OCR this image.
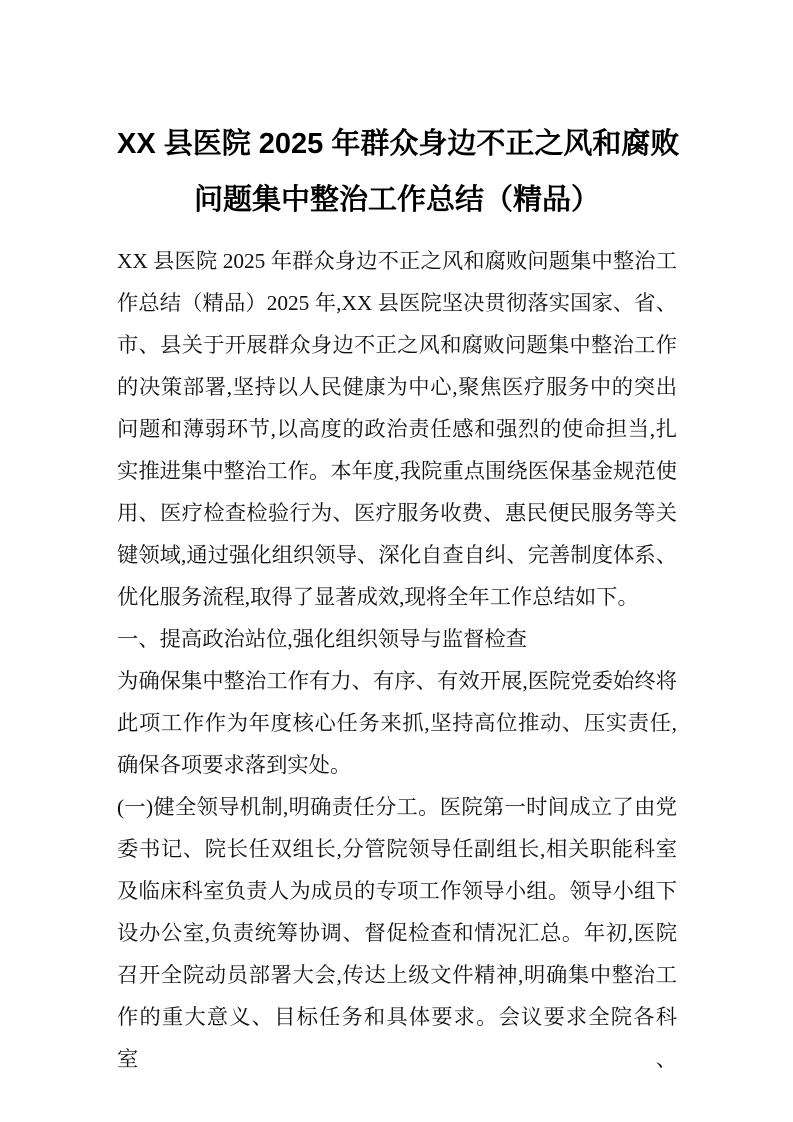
XX 县医院 2025 年群众身边不正之风和腐败
问题集中整治工作总结（精品）
XX 县医院 2025 年群众身边不正之风和腐败问题集中整治工
作总结（精品）2025 年,XX 县医院坚决贯彻落实国家、省、
市、县关于开展群众身边不正之风和腐败问题集中整治工作
的决策部署,坚持以人民健康为中心,聚焦医疗服务中的突出
问题和薄弱环节,以高度的政治责任感和强烈的使命担当,扎
实推进集中整治工作。本年度,我院重点围绕医保基金规范使
用、医疗检查检验行为、医疗服务收费、惠民便民服务等关
键领域,通过强化组织领导、深化自查自纠、完善制度体系、
优化服务流程,取得了显著成效,现将全年工作总结如下。
一、提高政治站位,强化组织领导与监督检查
为确保集中整治工作有力、有序、有效开展,医院党委始终将
此项工作作为年度核心任务来抓,坚持高位推动、压实责任,
确保各项要求落到实处。
(一)健全领导机制,明确责任分工。医院第一时间成立了由党
委书记、院长任双组长,分管院领导任副组长,相关职能科室
及临床科室负责人为成员的专项工作领导小组。领导小组下
设办公室,负责统筹协调、督促检查和情况汇总。年初,医院
召开全院动员部署大会,传达上级文件精神,明确集中整治工
作的重大意义、目标任务和具体要求。会议要求全院各科室、
